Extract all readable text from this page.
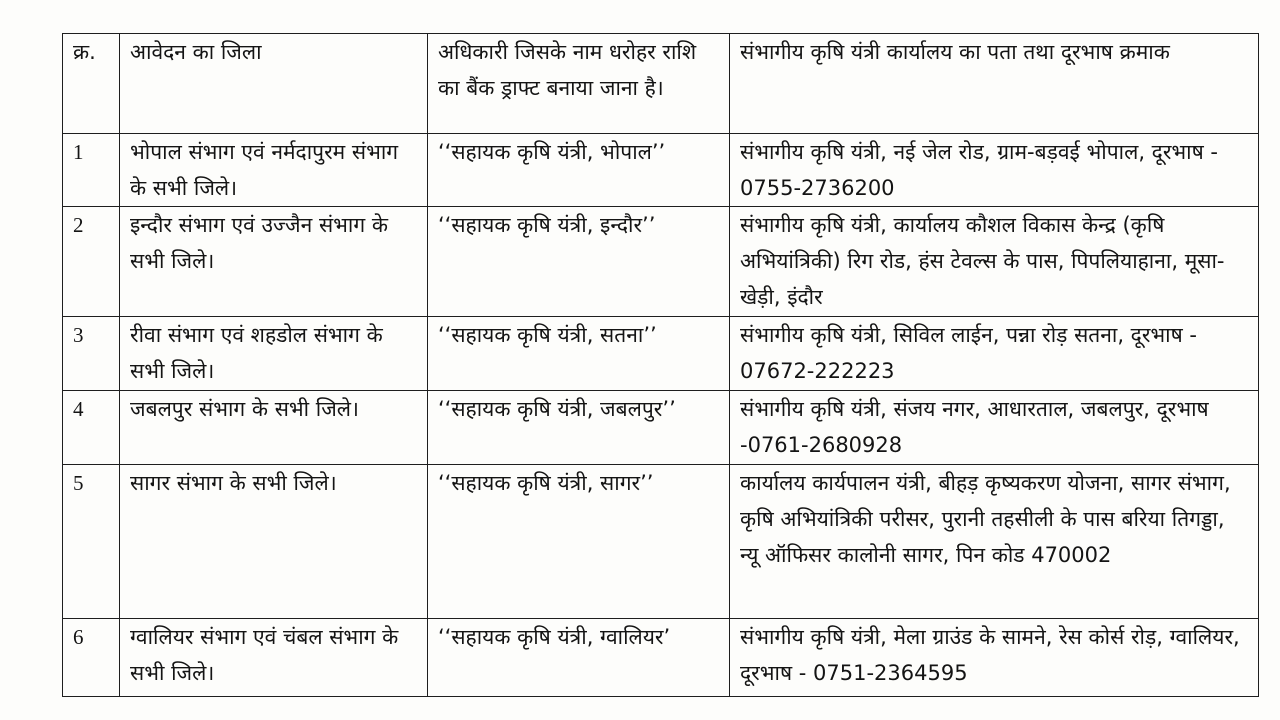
क्र.	आवेदन का जिला	अधिकारी जिसके नाम धरोहर राशि का बैंक ड्राफ्ट बनाया जाना है।	संभागीय कृषि यंत्री कार्यालय का पता तथा दूरभाष क्रमाक
1	भोपाल संभाग एवं नर्मदापुरम संभाग के सभी जिले।	‘‘सहायक कृषि यंत्री, भोपाल’’	संभागीय कृषि यंत्री, नई जेल रोड, ग्राम-बड़वई भोपाल, दूरभाष - 0755-2736200
2	इन्दौर संभाग एवं उज्जैन संभाग के सभी जिले।	‘‘सहायक कृषि यंत्री, इन्दौर’’	संभागीय कृषि यंत्री, कार्यालय कौशल विकास केन्द्र (कृषि अभियांत्रिकी) रिग रोड, हंस टेवल्स के पास, पिपलियाहाना, मूसा-खेड़ी, इंदौर
3	रीवा संभाग एवं शहडोल संभाग के सभी जिले।	‘‘सहायक कृषि यंत्री, सतना’’	संभागीय कृषि यंत्री, सिविल लाईन, पन्ना रोड़ सतना, दूरभाष - 07672-222223
4	जबलपुर संभाग के सभी जिले।	‘‘सहायक कृषि यंत्री, जबलपुर’’	संभागीय कृषि यंत्री, संजय नगर, आधारताल, जबलपुर, दूरभाष -0761-2680928
5	सागर संभाग के सभी जिले।	‘‘सहायक कृषि यंत्री, सागर’’	कार्यालय कार्यपालन यंत्री, बीहड़ कृष्यकरण योजना, सागर संभाग, कृषि अभियांत्रिकी परीसर, पुरानी तहसीली के पास बरिया तिगड्डा, न्यू ऑफिसर कालोनी सागर, पिन कोड 470002
6	ग्वालियर संभाग एवं चंबल संभाग के सभी जिले।	‘‘सहायक कृषि यंत्री, ग्वालियर’	संभागीय कृषि यंत्री, मेला ग्राउंड के सामने, रेस कोर्स रोड़, ग्वालियर, दूरभाष - 0751-2364595
